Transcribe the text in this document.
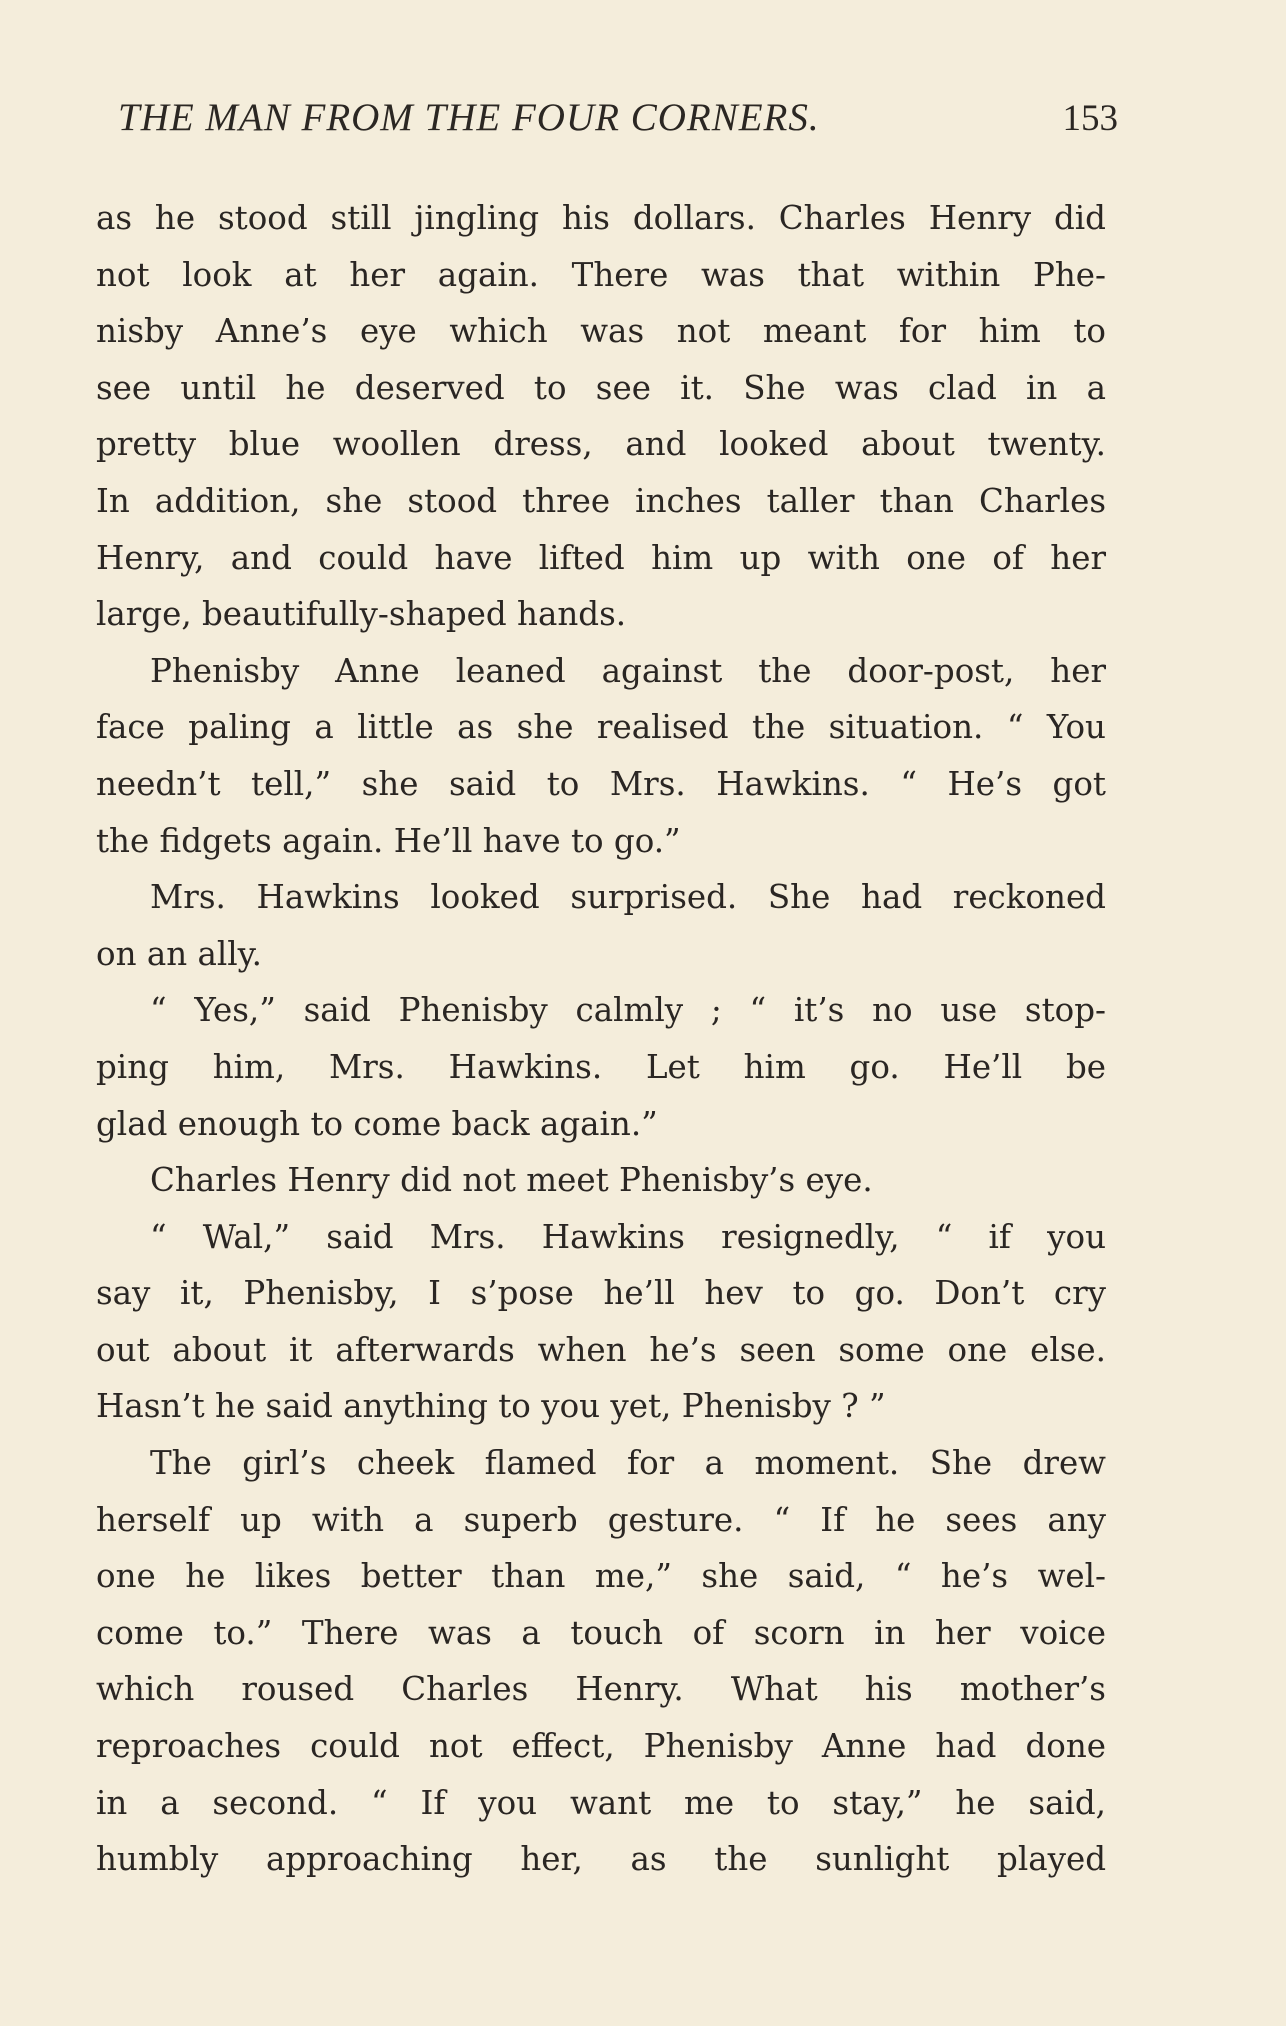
THE MAN FROM THE FOUR CORNERS.	153
as he stood still jingling his dollars. Charles Henry did
not look at her again. There was that within Phe-
nisby Anne’s eye which was not meant for him to
see until he deserved to see it. She was clad in a
pretty blue woollen dress, and looked about twenty.
In addition, she stood three inches taller than Charles
Henry, and could have lifted him up with one of her
large, beautifully-shaped hands.
Phenisby Anne leaned against the door-post, her
face paling a little as she realised the situation. “ You
needn’t tell,” she said to Mrs. Hawkins. “ He’s got
the fidgets again. He’ll have to go.”
Mrs. Hawkins looked surprised. She had reckoned
on an ally.
“ Yes,” said Phenisby calmly ; “ it’s no use stop-
ping him, Mrs. Hawkins. Let him go. He’ll be
glad enough to come back again.”
Charles Henry did not meet Phenisby’s eye.
“ Wal,” said Mrs. Hawkins resignedly, “ if you
say it, Phenisby, I s’pose he’ll hev to go. Don’t cry
out about it afterwards when he’s seen some one else.
Hasn’t he said anything to you yet, Phenisby ? ”
The girl’s cheek flamed for a moment. She drew
herself up with a superb gesture. “ If he sees any
one he likes better than me,” she said, “ he’s wel-
come to.” There was a touch of scorn in her voice
which roused Charles Henry. What his mother’s
reproaches could not effect, Phenisby Anne had done
in a second. “ If you want me to stay,” he said,
humbly approaching her, as the sunlight played
